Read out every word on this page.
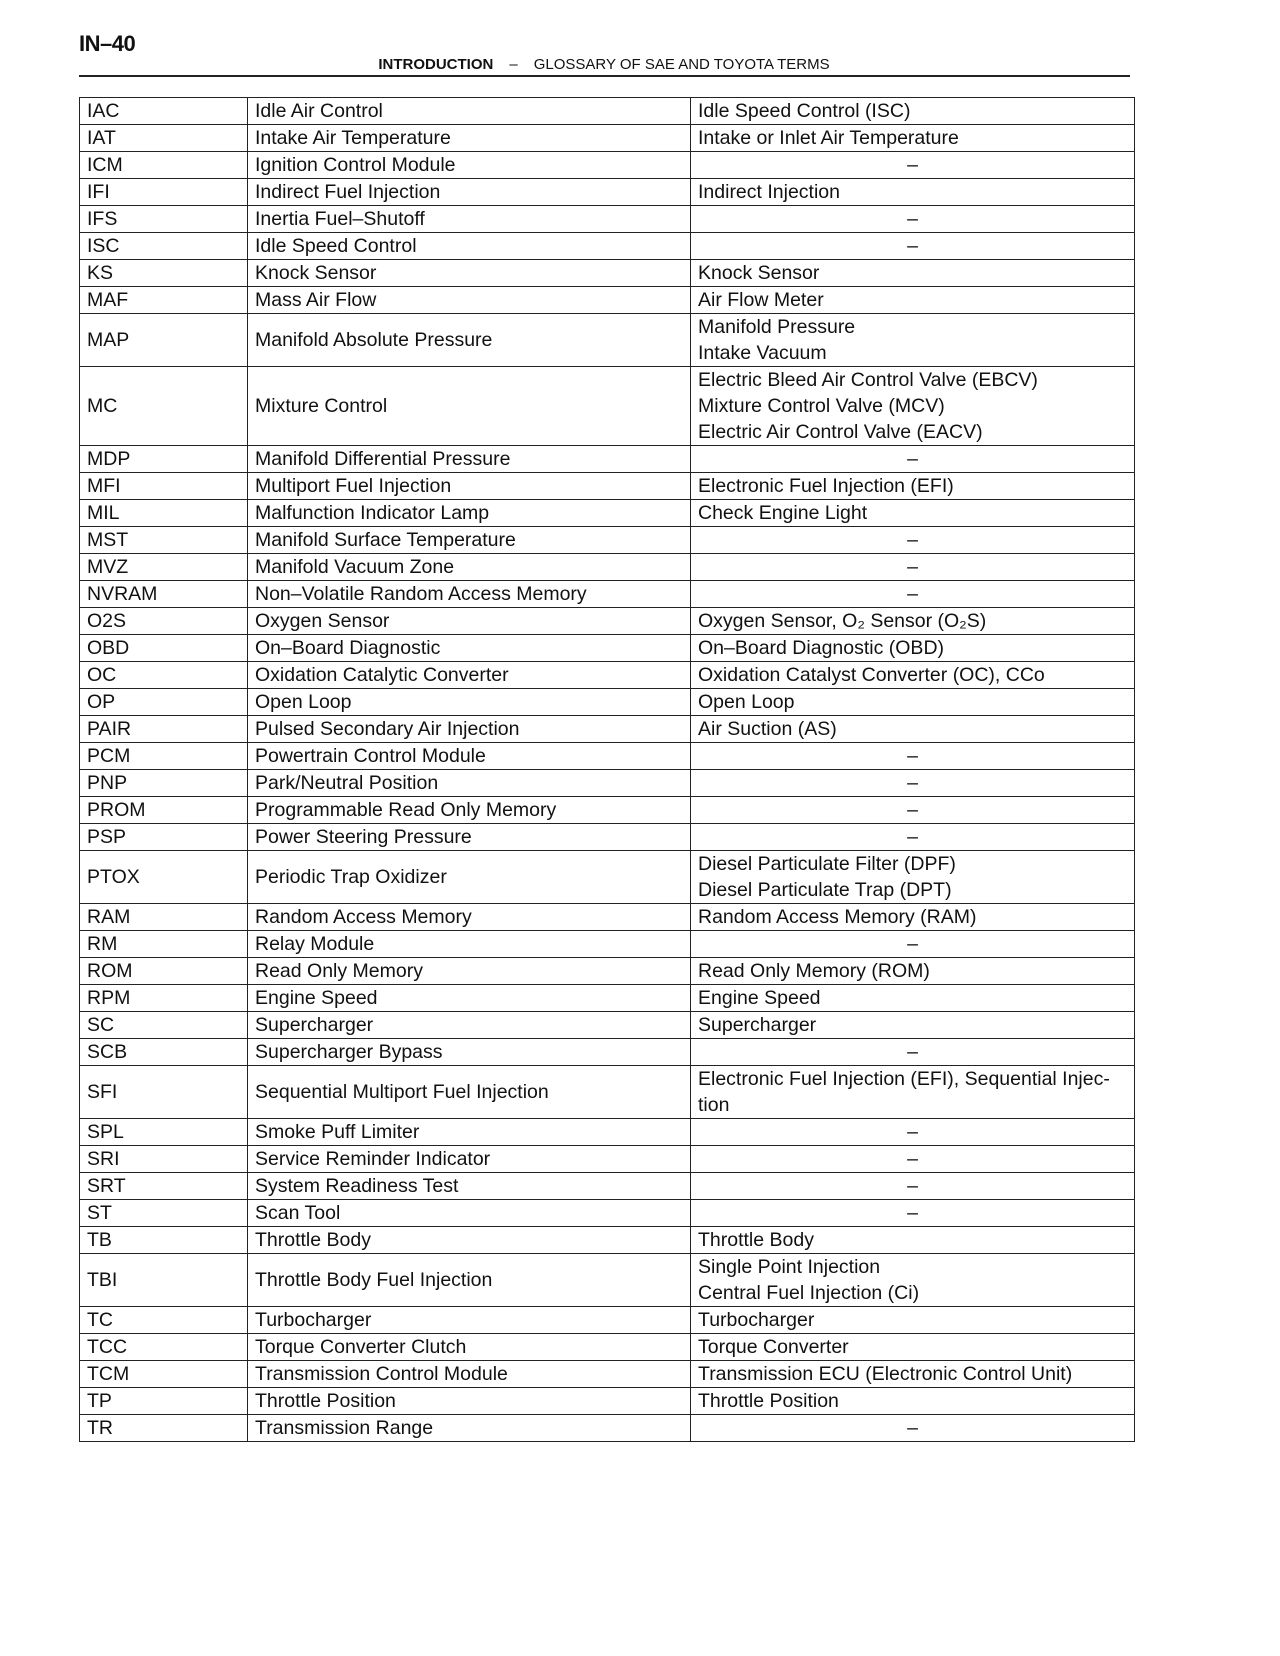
IN–40
INTRODUCTION – GLOSSARY OF SAE AND TOYOTA TERMS
IAC	Idle Air Control	Idle Speed Control (ISC)

IAT	Intake Air Temperature	Intake or Inlet Air Temperature

ICM	Ignition Control Module	–

IFI	Indirect Fuel Injection	Indirect Injection

IFS	Inertia Fuel–Shutoff	–

ISC	Idle Speed Control	–

KS	Knock Sensor	Knock Sensor

MAF	Mass Air Flow	Air Flow Meter

MAP	Manifold Absolute Pressure	Manifold Pressure
Intake Vacuum

MC	Mixture Control	Electric Bleed Air Control Valve (EBCV)
Mixture Control Valve (MCV)
Electric Air Control Valve (EACV)

MDP	Manifold Differential Pressure	–

MFI	Multiport Fuel Injection	Electronic Fuel Injection (EFI)

MIL	Malfunction Indicator Lamp	Check Engine Light

MST	Manifold Surface Temperature	–

MVZ	Manifold Vacuum Zone	–

NVRAM	Non–Volatile Random Access Memory	–

O2S	Oxygen Sensor	Oxygen Sensor, O₂ Sensor (O₂S)

OBD	On–Board Diagnostic	On–Board Diagnostic (OBD)

OC	Oxidation Catalytic Converter	Oxidation Catalyst Converter (OC), CCo

OP	Open Loop	Open Loop

PAIR	Pulsed Secondary Air Injection	Air Suction (AS)

PCM	Powertrain Control Module	–

PNP	Park/Neutral Position	–

PROM	Programmable Read Only Memory	–

PSP	Power Steering Pressure	–

PTOX	Periodic Trap Oxidizer	Diesel Particulate Filter (DPF)
Diesel Particulate Trap (DPT)

RAM	Random Access Memory	Random Access Memory (RAM)

RM	Relay Module	–

ROM	Read Only Memory	Read Only Memory (ROM)

RPM	Engine Speed	Engine Speed

SC	Supercharger	Supercharger

SCB	Supercharger Bypass	–

SFI	Sequential Multiport Fuel Injection	Electronic Fuel Injection (EFI), Sequential Injec-
tion

SPL	Smoke Puff Limiter	–

SRI	Service Reminder Indicator	–

SRT	System Readiness Test	–

ST	Scan Tool	–

TB	Throttle Body	Throttle Body

TBI	Throttle Body Fuel Injection	Single Point Injection
Central Fuel Injection (Ci)

TC	Turbocharger	Turbocharger

TCC	Torque Converter Clutch	Torque Converter

TCM	Transmission Control Module	Transmission ECU (Electronic Control Unit)

TP	Throttle Position	Throttle Position

TR	Transmission Range	–
